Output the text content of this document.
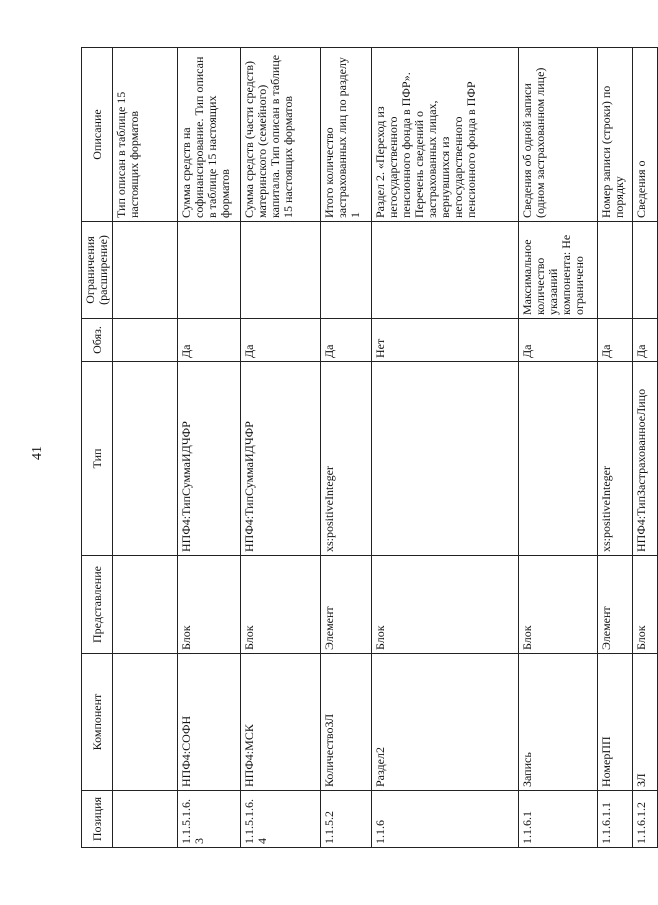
41
Позиция	Компонент	Представление	Тип	Обяз.	Ограничения (расширение)	Описание
						Тип описан в таблице 15 настоящих форматов
1.1.5.1.6.3	НПФ4:СОФН	Блок	НПФ4:ТипСуммаИДЧФР	Да		Сумма средств на софинансирование. Тип описан в таблице 15 настоящих форматов
1.1.5.1.6.4	НПФ4:МСК	Блок	НПФ4:ТипСуммаИДЧФР	Да		Сумма средств (части средств) материнского (семейного) капитала. Тип описан в таблице 15 настоящих форматов
1.1.5.2	КоличествоЗЛ	Элемент	xs:positiveInteger	Да		Итого количество застрахованных лиц по разделу 1
1.1.6	Раздел2	Блок		Нет		Раздел 2. «Переход из негосударственного пенсионного фонда в ПФР». Перечень сведений о застрахованных лицах, вернувшихся из негосударственного пенсионного фонда в ПФР
1.1.6.1	Запись	Блок		Да	Максимальное количество указаний компонента: Не ограничено	Сведения об одной записи (одном застрахованном лице)
1.1.6.1.1	НомерПП	Элемент	xs:positiveInteger	Да		Номер записи (строки) по порядку
1.1.6.1.2	ЗЛ	Блок	НПФ4:ТипЗастрахованноеЛицо	Да		Сведения о
